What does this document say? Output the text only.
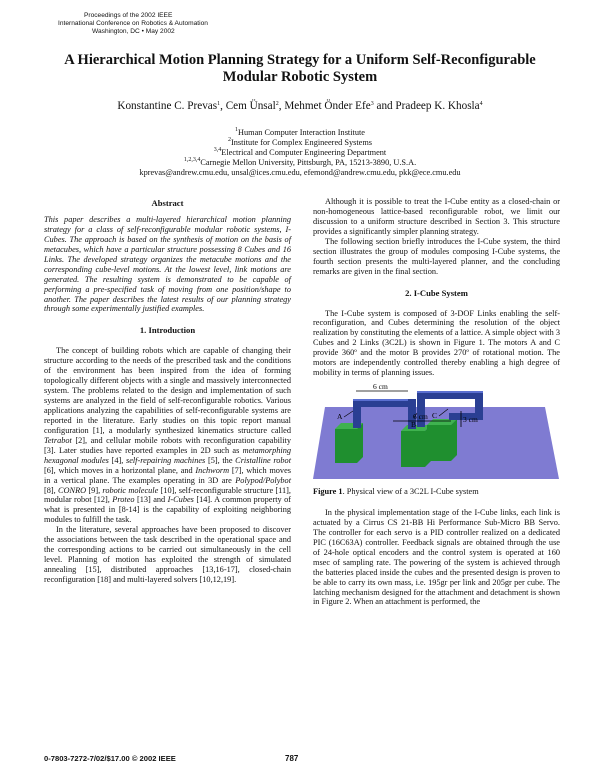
Proceedings of the 2002 IEEE
International Conference on Robotics & Automation
Washington, DC • May 2002
A Hierarchical Motion Planning Strategy for a Uniform Self-Reconfigurable
Modular Robotic System
Konstantine C. Prevas$^1$, Cem Ünsal$^2$, Mehmet Önder Efe$^3$ and Pradeep K. Khosla$^4$
$^1$Human Computer Interaction Institute
$^2$Institute for Complex Engineered Systems
$^{3,4}$Electrical and Computer Engineering Department
$^{1,2,3,4}$Carnegie Mellon University, Pittsburgh, PA, 15213-3890, U.S.A.
kprevas@andrew.cmu.edu, unsal@ices.cmu.edu, efemond@andrew.cmu.edu, pkk@ece.cmu.edu
Abstract

This paper describes a multi-layered hierarchical motion planning strategy for a class of self-reconfigurable modular robotic systems, I-Cubes. The approach is based on the synthesis of motion on the basis of metacubes, which have a particular structure possessing 8 Cubes and 16 Links. The developed strategy organizes the metacube motions and the corresponding cube-level motions. At the lowest level, link motions are generated. The resulting system is demonstrated to be capable of performing a pre-specified task of moving from one position/shape to another. The paper describes the latest results of our planning strategy through some experimentally justified examples.

1. Introduction

The concept of building robots which are capable of changing their structure according to the needs of the prescribed task and the conditions of the environment has been inspired from the idea of forming topologically different objects with a single and massively interconnected system. The problems related to the design and implementation of such systems are analyzed in the field of self-reconfigurable robotics. Various applications analyzing the capabilities of self-reconfigurable systems are reported in the literature. Early studies on this topic report manual configuration [1], a modularly synthesized kinematics structure called Tetrabot [2], and cellular mobile robots with reconfiguration capability [3]. Later studies have reported examples in 2D such as metamorphing hexagonal modules [4], self-repairing machines [5], the Cristalline robot [6], which moves in a horizontal plane, and Inchworm [7], which moves in a vertical plane. The examples operating in 3D are Polypod/Polybot [8], CONRO [9], robotic molecule [10], self-reconfigurable structure [11], modular robot [12], Proteo [13] and I-Cubes [14]. A common property of what is presented in [8-14] is the capability of exploiting neighboring modules to fulfill the task.

In the literature, several approaches have been proposed to discover the associations between the task described in the operational space and the corresponding actions to be carried out simultaneously in the cell level. Planning of motion has exploited the strength of simulated annealing [15], distributed approaches [13,16-17], closed-chain reconfiguration [18] and multi-layered solvers [10,12,19].

Although it is possible to treat the I-Cube entity as a closed-chain or non-homogeneous lattice-based reconfigurable robot, we limit our discussion to a uniform structure described in Section 3. This structure provides a significantly simpler planning strategy.

The following section briefly introduces the I-Cube system, the third section illustrates the group of modules composing I-Cube systems, the fourth section presents the multi-layered planner, and the concluding remarks are given in the final section.

2. I-Cube System

The I-Cube system is composed of 3-DOF Links enabling the self-reconfiguration, and Cubes determining the resolution of the object realization by constituting the elements of a lattice. A simple object with 3 Cubes and 2 Links (3C2L) is shown in Figure 1. The motors A and C provide 360º and the motor B provides 270º of rotational motion. The motors are independently controlled thereby enabling a high degree of mobility in terms of planning issues.

6 cm
6 cm	3 cm
A
B
C

Figure 1. Physical view of a 3C2L I-Cube system

In the physical implementation stage of the I-Cube links, each link is actuated by a Cirrus CS 21-BB Hi Performance Sub-Micro BB Servo. The controller for each servo is a PID controller realized on a dedicated PIC (16C63A) controller. Feedback signals are obtained through the use of 24-hole optical encoders and the control system is operated at 160 msec of sampling rate. The powering of the system is achieved through the batteries placed inside the cubes and the presented design is proven to be able to carry its own mass, i.e. 195gr per link and 205gr per cube. The latching mechanism designed for the attachment and detachment is shown in Figure 2. When an attachment is performed, the

0-7803-7272-7/02/$17.00 © 2002 IEEE	787
